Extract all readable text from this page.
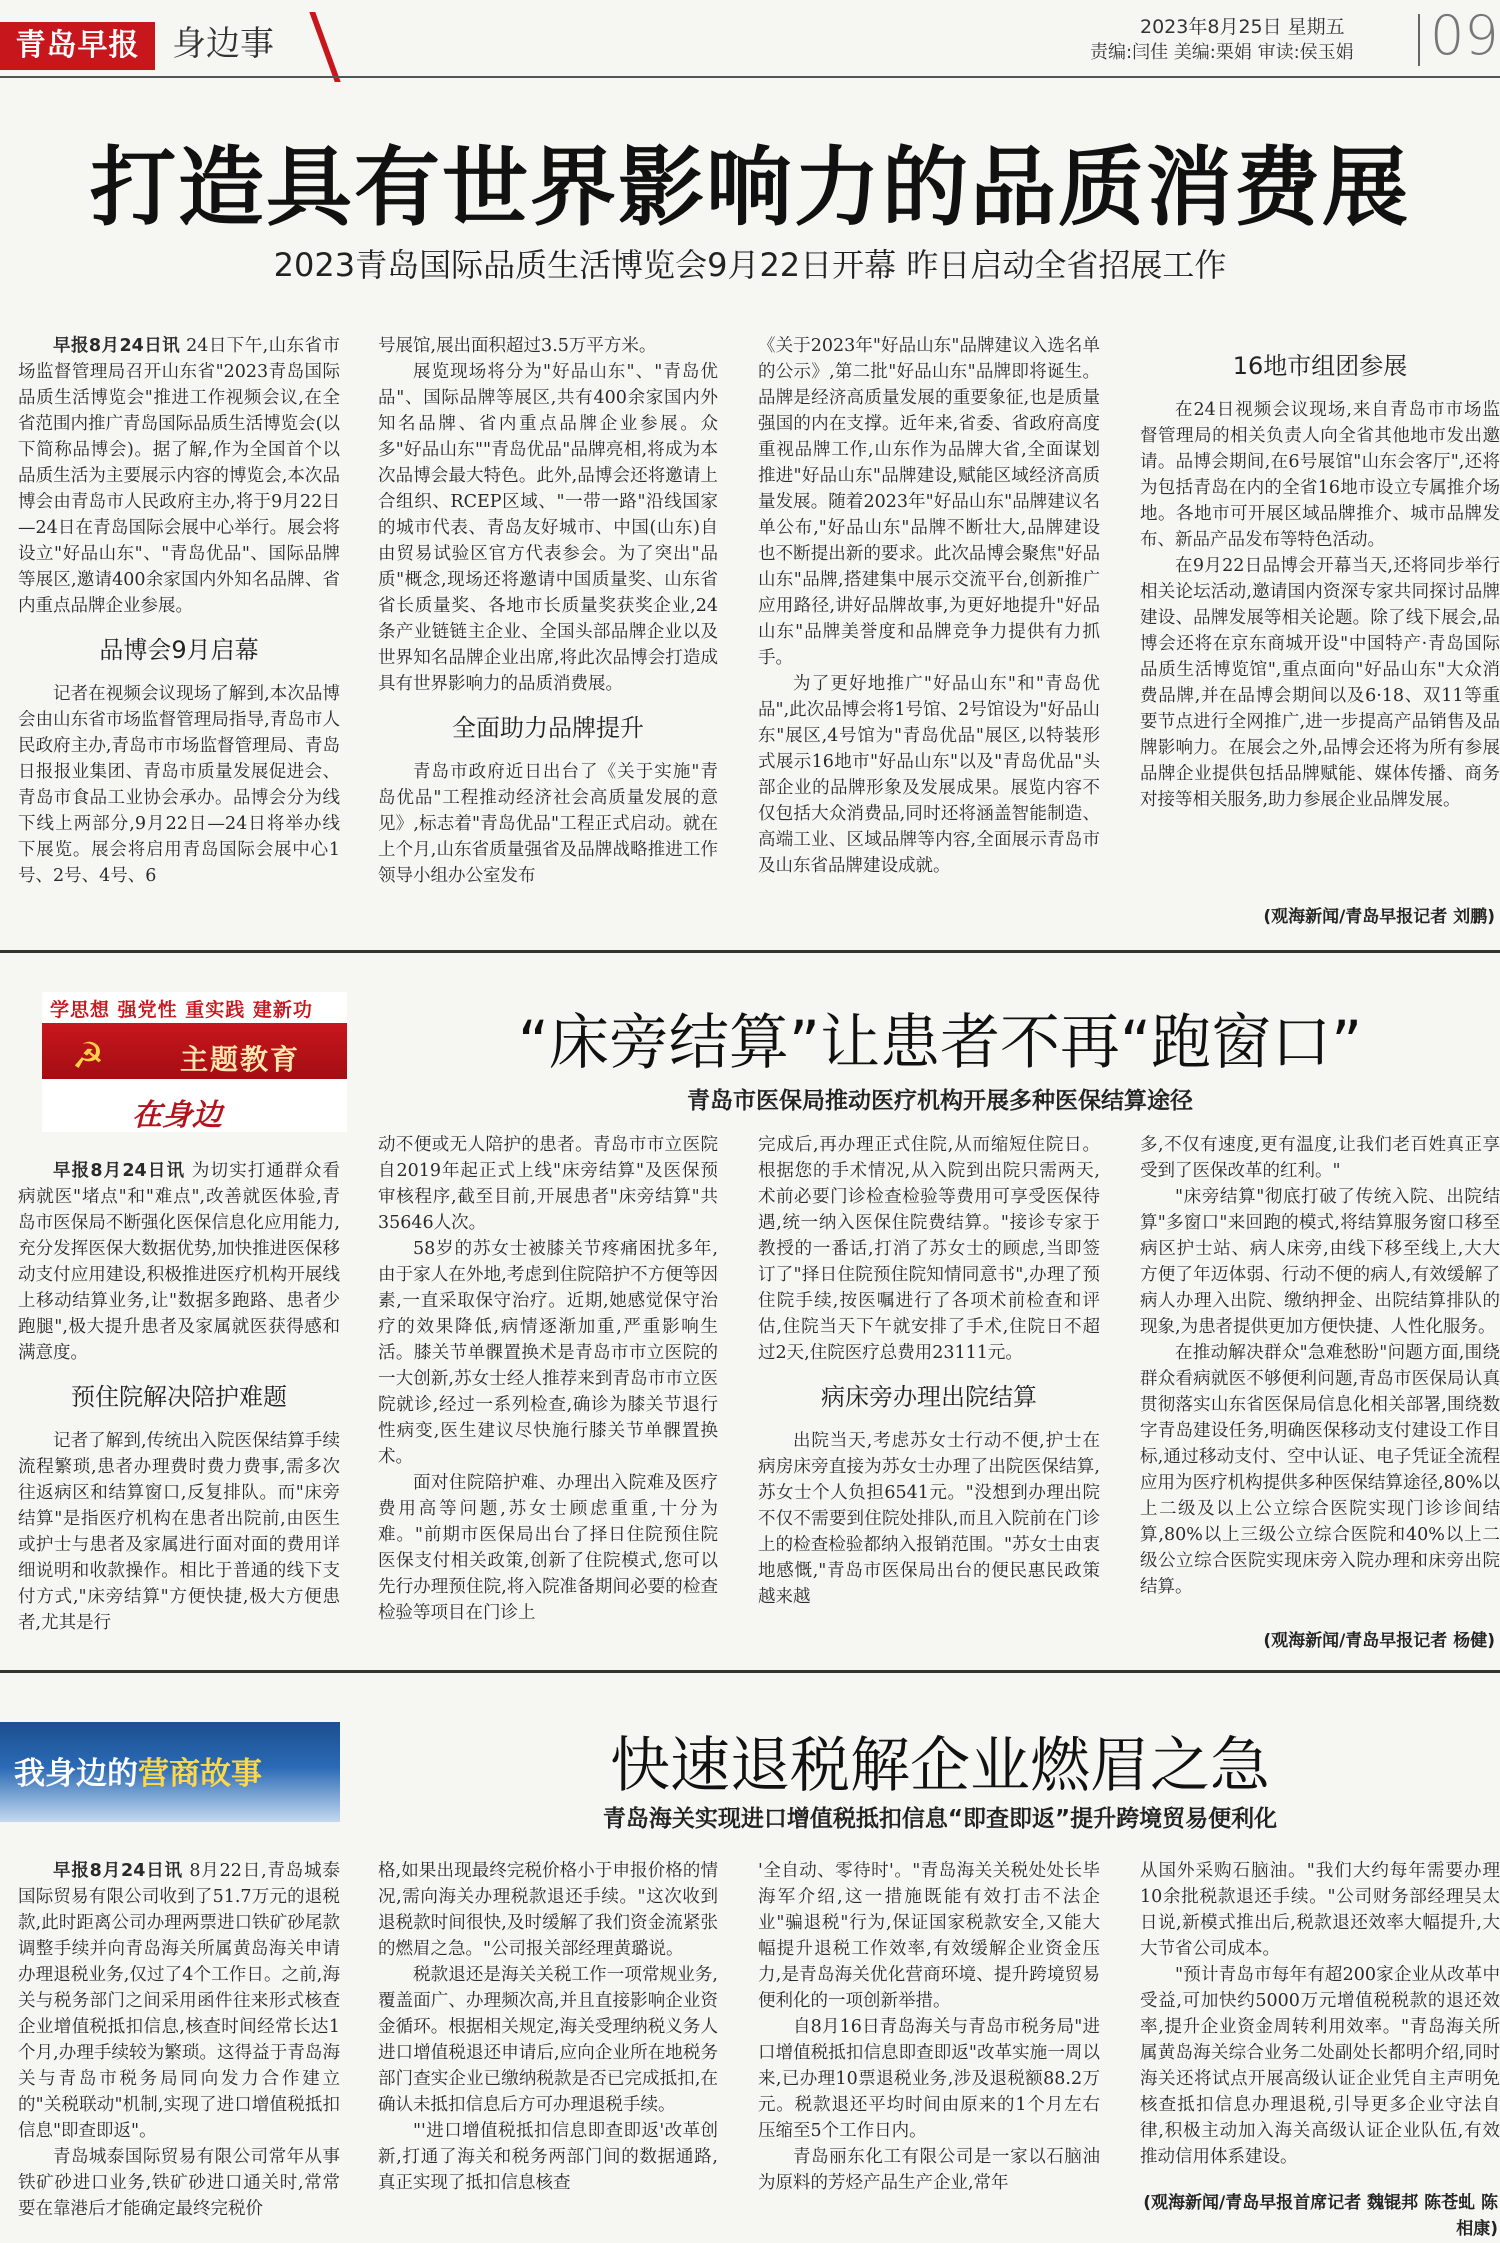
青岛早报 身边事	2023年8月25日 星期五
责编:闫佳 美编:栗娟 审读:侯玉娟 09
打造具有世界影响力的品质消费展
2023青岛国际品质生活博览会9月22日开幕 昨日启动全省招展工作

早报8月24日讯 24日下午,山东省市场监督管理局召开山东省"2023青岛国际品质生活博览会"推进工作视频会议,在全省范围内推广青岛国际品质生活博览会(以下简称品博会)。据了解,作为全国首个以品质生活为主要展示内容的博览会,本次品博会由青岛市人民政府主办,将于9月22日—24日在青岛国际会展中心举行。展会将设立"好品山东"、"青岛优品"、国际品牌等展区,邀请400余家国内外知名品牌、省内重点品牌企业参展。

品博会9月启幕

记者在视频会议现场了解到,本次品博会由山东省市场监督管理局指导,青岛市人民政府主办,青岛市市场监督管理局、青岛日报报业集团、青岛市质量发展促进会、青岛市食品工业协会承办。品博会分为线下线上两部分,9月22日—24日将举办线下展览。展会将启用青岛国际会展中心1号、2号、4号、6

号展馆,展出面积超过3.5万平方米。

展览现场将分为"好品山东"、"青岛优品"、国际品牌等展区,共有400余家国内外知名品牌、省内重点品牌企业参展。众多"好品山东""青岛优品"品牌亮相,将成为本次品博会最大特色。此外,品博会还将邀请上合组织、RCEP区域、"一带一路"沿线国家的城市代表、青岛友好城市、中国(山东)自由贸易试验区官方代表参会。为了突出"品质"概念,现场还将邀请中国质量奖、山东省省长质量奖、各地市长质量奖获奖企业,24条产业链链主企业、全国头部品牌企业以及世界知名品牌企业出席,将此次品博会打造成具有世界影响力的品质消费展。

全面助力品牌提升

青岛市政府近日出台了《关于实施"青岛优品"工程推动经济社会高质量发展的意见》,标志着"青岛优品"工程正式启动。就在上个月,山东省质量强省及品牌战略推进工作领导小组办公室发布

《关于2023年"好品山东"品牌建议入选名单的公示》,第二批"好品山东"品牌即将诞生。品牌是经济高质量发展的重要象征,也是质量强国的内在支撑。近年来,省委、省政府高度重视品牌工作,山东作为品牌大省,全面谋划推进"好品山东"品牌建设,赋能区域经济高质量发展。随着2023年"好品山东"品牌建议名单公布,"好品山东"品牌不断壮大,品牌建设也不断提出新的要求。此次品博会聚焦"好品山东"品牌,搭建集中展示交流平台,创新推广应用路径,讲好品牌故事,为更好地提升"好品山东"品牌美誉度和品牌竞争力提供有力抓手。

为了更好地推广"好品山东"和"青岛优品",此次品博会将1号馆、2号馆设为"好品山东"展区,4号馆为"青岛优品"展区,以特装形式展示16地市"好品山东"以及"青岛优品"头部企业的品牌形象及发展成果。展览内容不仅包括大众消费品,同时还将涵盖智能制造、高端工业、区域品牌等内容,全面展示青岛市及山东省品牌建设成就。

16地市组团参展

在24日视频会议现场,来自青岛市市场监督管理局的相关负责人向全省其他地市发出邀请。品博会期间,在6号展馆"山东会客厅",还将为包括青岛在内的全省16地市设立专属推介场地。各地市可开展区域品牌推介、城市品牌发布、新品产品发布等特色活动。

在9月22日品博会开幕当天,还将同步举行相关论坛活动,邀请国内资深专家共同探讨品牌建设、品牌发展等相关论题。除了线下展会,品博会还将在京东商城开设"中国特产·青岛国际品质生活博览馆",重点面向"好品山东"大众消费品牌,并在品博会期间以及6·18、双11等重要节点进行全网推广,进一步提高产品销售及品牌影响力。在展会之外,品博会还将为所有参展品牌企业提供包括品牌赋能、媒体传播、商务对接等相关服务,助力参展企业品牌发展。

(观海新闻/青岛早报记者 刘鹏)
学思想 强党性 重实践 建新功
☭	主题教育
在身边
“床旁结算”让患者不再“跑窗口”
青岛市医保局推动医疗机构开展多种医保结算途径

早报8月24日讯 为切实打通群众看病就医"堵点"和"难点",改善就医体验,青岛市医保局不断强化医保信息化应用能力,充分发挥医保大数据优势,加快推进医保移动支付应用建设,积极推进医疗机构开展线上移动结算业务,让"数据多跑路、患者少跑腿",极大提升患者及家属就医获得感和满意度。

预住院解决陪护难题

记者了解到,传统出入院医保结算手续流程繁琐,患者办理费时费力费事,需多次往返病区和结算窗口,反复排队。而"床旁结算"是指医疗机构在患者出院前,由医生或护士与患者及家属进行面对面的费用详细说明和收款操作。相比于普通的线下支付方式,"床旁结算"方便快捷,极大方便患者,尤其是行

动不便或无人陪护的患者。青岛市市立医院自2019年起正式上线"床旁结算"及医保预审核程序,截至目前,开展患者"床旁结算"共35646人次。

58岁的苏女士被膝关节疼痛困扰多年,由于家人在外地,考虑到住院陪护不方便等因素,一直采取保守治疗。近期,她感觉保守治疗的效果降低,病情逐渐加重,严重影响生活。膝关节单髁置换术是青岛市市立医院的一大创新,苏女士经人推荐来到青岛市市立医院就诊,经过一系列检查,确诊为膝关节退行性病变,医生建议尽快施行膝关节单髁置换术。

面对住院陪护难、办理出入院难及医疗费用高等问题,苏女士顾虑重重,十分为难。"前期市医保局出台了择日住院预住院医保支付相关政策,创新了住院模式,您可以先行办理预住院,将入院准备期间必要的检查检验等项目在门诊上

完成后,再办理正式住院,从而缩短住院日。根据您的手术情况,从入院到出院只需两天,术前必要门诊检查检验等费用可享受医保待遇,统一纳入医保住院费结算。"接诊专家于教授的一番话,打消了苏女士的顾虑,当即签订了"择日住院预住院知情同意书",办理了预住院手续,按医嘱进行了各项术前检查和评估,住院当天下午就安排了手术,住院日不超过2天,住院医疗总费用23111元。

病床旁办理出院结算

出院当天,考虑苏女士行动不便,护士在病房床旁直接为苏女士办理了出院医保结算,苏女士个人负担6541元。"没想到办理出院不仅不需要到住院处排队,而且入院前在门诊上的检查检验都纳入报销范围。"苏女士由衷地感慨,"青岛市医保局出台的便民惠民政策越来越

多,不仅有速度,更有温度,让我们老百姓真正享受到了医保改革的红利。"

"床旁结算"彻底打破了传统入院、出院结算"多窗口"来回跑的模式,将结算服务窗口移至病区护士站、病人床旁,由线下移至线上,大大方便了年迈体弱、行动不便的病人,有效缓解了病人办理入出院、缴纳押金、出院结算排队的现象,为患者提供更加方便快捷、人性化服务。

在推动解决群众"急难愁盼"问题方面,围绕群众看病就医不够便利问题,青岛市医保局认真贯彻落实山东省医保局信息化相关部署,围绕数字青岛建设任务,明确医保移动支付建设工作目标,通过移动支付、空中认证、电子凭证全流程应用为医疗机构提供多种医保结算途径,80%以上二级及以上公立综合医院实现门诊诊间结算,80%以上三级公立综合医院和40%以上二级公立综合医院实现床旁入院办理和床旁出院结算。

(观海新闻/青岛早报记者 杨健)
我身边的营商故事	快速退税解企业燃眉之急
青岛海关实现进口增值税抵扣信息“即查即返”提升跨境贸易便利化

早报8月24日讯 8月22日,青岛城泰国际贸易有限公司收到了51.7万元的退税款,此时距离公司办理两票进口铁矿砂尾款调整手续并向青岛海关所属黄岛海关申请办理退税业务,仅过了4个工作日。之前,海关与税务部门之间采用函件往来形式核查企业增值税抵扣信息,核查时间经常长达1个月,办理手续较为繁琐。这得益于青岛海关与青岛市税务局同向发力合作建立的"关税联动"机制,实现了进口增值税抵扣信息"即查即返"。

青岛城泰国际贸易有限公司常年从事铁矿砂进口业务,铁矿砂进口通关时,常常要在靠港后才能确定最终完税价

格,如果出现最终完税价格小于申报价格的情况,需向海关办理税款退还手续。"这次收到退税款时间很快,及时缓解了我们资金流紧张的燃眉之急。"公司报关部经理黄璐说。

税款退还是海关关税工作一项常规业务,覆盖面广、办理频次高,并且直接影响企业资金循环。根据相关规定,海关受理纳税义务人进口增值税退还申请后,应向企业所在地税务部门查实企业已缴纳税款是否已完成抵扣,在确认未抵扣信息后方可办理退税手续。

"'进口增值税抵扣信息即查即返'改革创新,打通了海关和税务两部门间的数据通路,真正实现了抵扣信息核查

'全自动、零待时'。"青岛海关关税处处长毕海军介绍,这一措施既能有效打击不法企业"骗退税"行为,保证国家税款安全,又能大幅提升退税工作效率,有效缓解企业资金压力,是青岛海关优化营商环境、提升跨境贸易便利化的一项创新举措。

自8月16日青岛海关与青岛市税务局"进口增值税抵扣信息即查即返"改革实施一周以来,已办理10票退税业务,涉及退税额88.2万元。税款退还平均时间由原来的1个月左右压缩至5个工作日内。

青岛丽东化工有限公司是一家以石脑油为原料的芳烃产品生产企业,常年

从国外采购石脑油。"我们大约每年需要办理10余批税款退还手续。"公司财务部经理吴太日说,新模式推出后,税款退还效率大幅提升,大大节省公司成本。

"预计青岛市每年有超200家企业从改革中受益,可加快约5000万元增值税税款的退还效率,提升企业资金周转利用效率。"青岛海关所属黄岛海关综合业务二处副处长都明介绍,同时海关还将试点开展高级认证企业凭自主声明免核查抵扣信息办理退税,引导更多企业守法自律,积极主动加入海关高级认证企业队伍,有效推动信用体系建设。

(观海新闻/青岛早报首席记者 魏锟邦 陈苍虬 陈相康)
